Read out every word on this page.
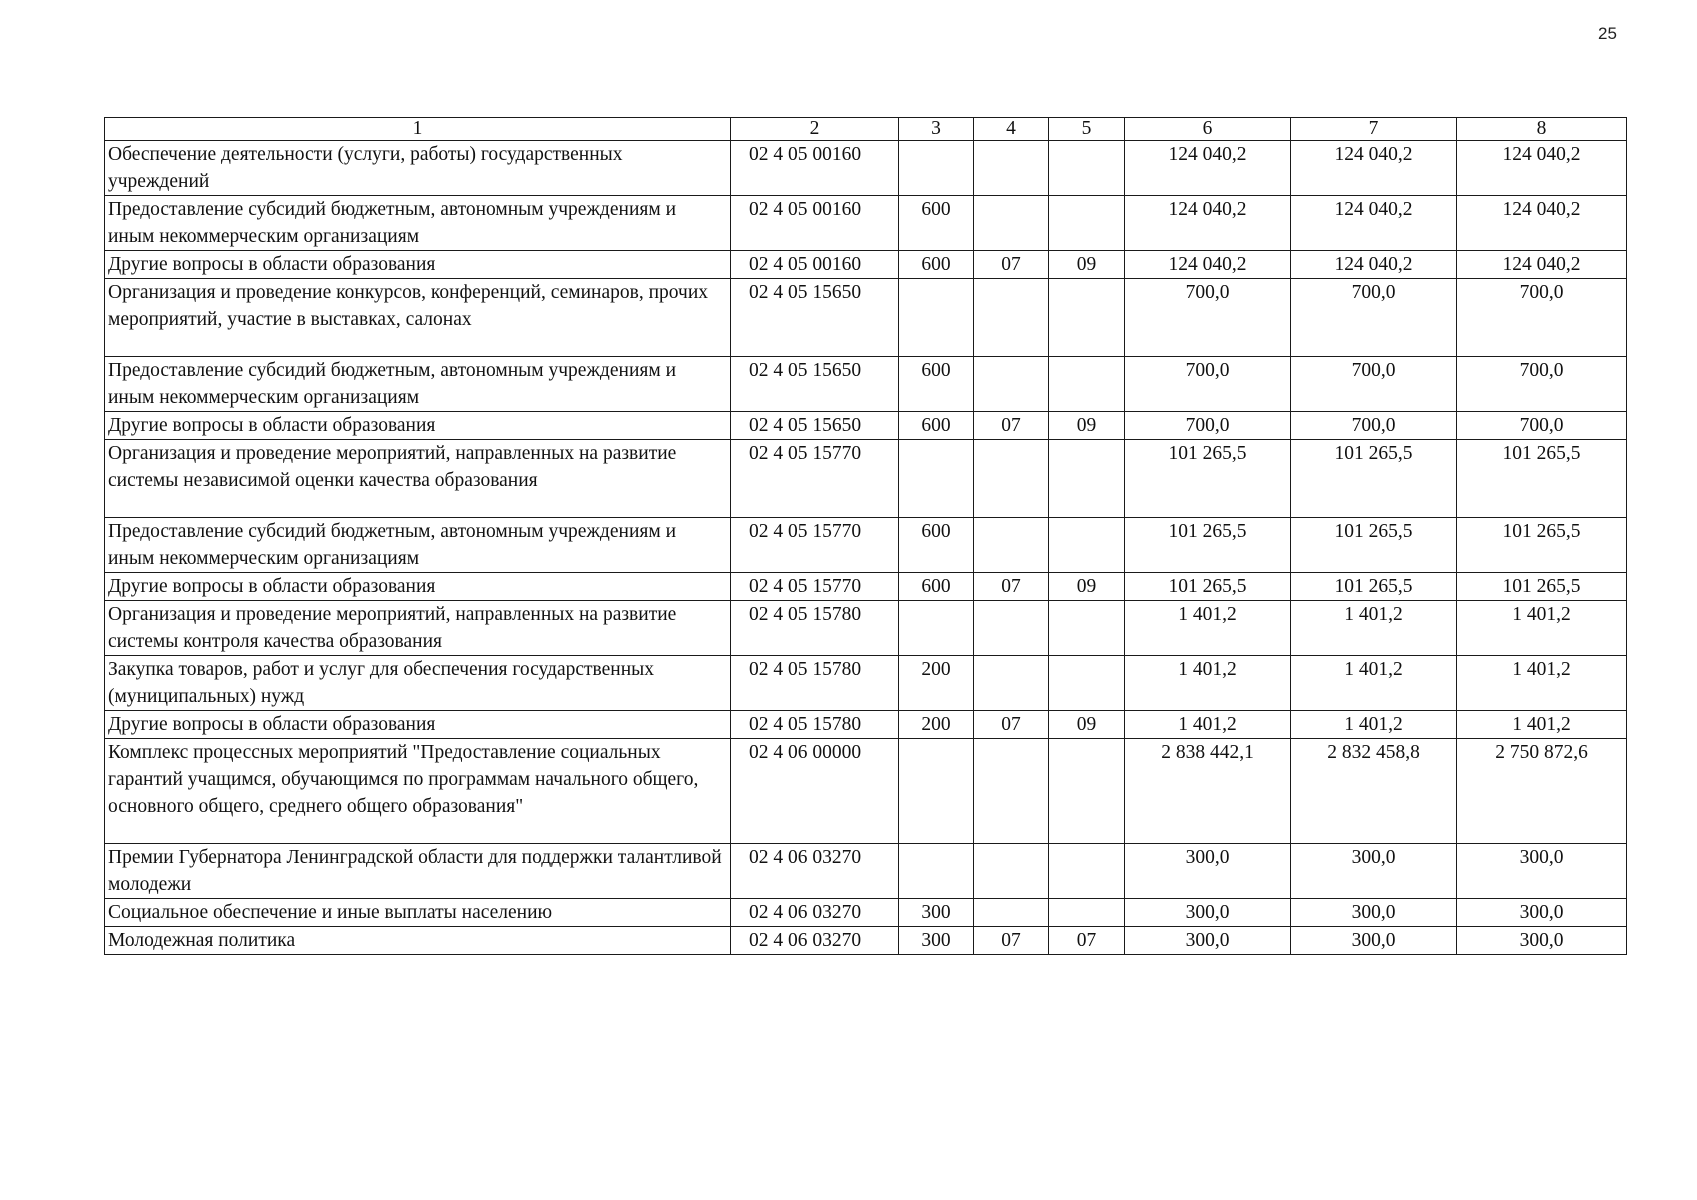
25
1	2	3	4	5	6	7	8
Обеспечение деятельности (услуги, работы) государственных учреждений	02 4 05 00160				124 040,2	124 040,2	124 040,2
Предоставление субсидий бюджетным, автономным учреждениям и иным некоммерческим организациям	02 4 05 00160	600			124 040,2	124 040,2	124 040,2
Другие вопросы в области образования	02 4 05 00160	600	07	09	124 040,2	124 040,2	124 040,2
Организация и проведение конкурсов, конференций, семинаров, прочих мероприятий, участие в выставках, салонах	02 4 05 15650				700,0	700,0	700,0
Предоставление субсидий бюджетным, автономным учреждениям и иным некоммерческим организациям	02 4 05 15650	600			700,0	700,0	700,0
Другие вопросы в области образования	02 4 05 15650	600	07	09	700,0	700,0	700,0
Организация и проведение мероприятий, направленных на развитие системы независимой оценки качества образования	02 4 05 15770				101 265,5	101 265,5	101 265,5
Предоставление субсидий бюджетным, автономным учреждениям и иным некоммерческим организациям	02 4 05 15770	600			101 265,5	101 265,5	101 265,5
Другие вопросы в области образования	02 4 05 15770	600	07	09	101 265,5	101 265,5	101 265,5
Организация и проведение мероприятий, направленных на развитие системы контроля качества образования	02 4 05 15780				1 401,2	1 401,2	1 401,2
Закупка товаров, работ и услуг для обеспечения государственных (муниципальных) нужд	02 4 05 15780	200			1 401,2	1 401,2	1 401,2
Другие вопросы в области образования	02 4 05 15780	200	07	09	1 401,2	1 401,2	1 401,2
Комплекс процессных мероприятий "Предоставление социальных гарантий учащимся, обучающимся по программам начального общего, основного общего, среднего общего образования"	02 4 06 00000				2 838 442,1	2 832 458,8	2 750 872,6
Премии Губернатора Ленинградской области для поддержки талантливой молодежи	02 4 06 03270				300,0	300,0	300,0
Социальное обеспечение и иные выплаты населению	02 4 06 03270	300			300,0	300,0	300,0
Молодежная политика	02 4 06 03270	300	07	07	300,0	300,0	300,0
